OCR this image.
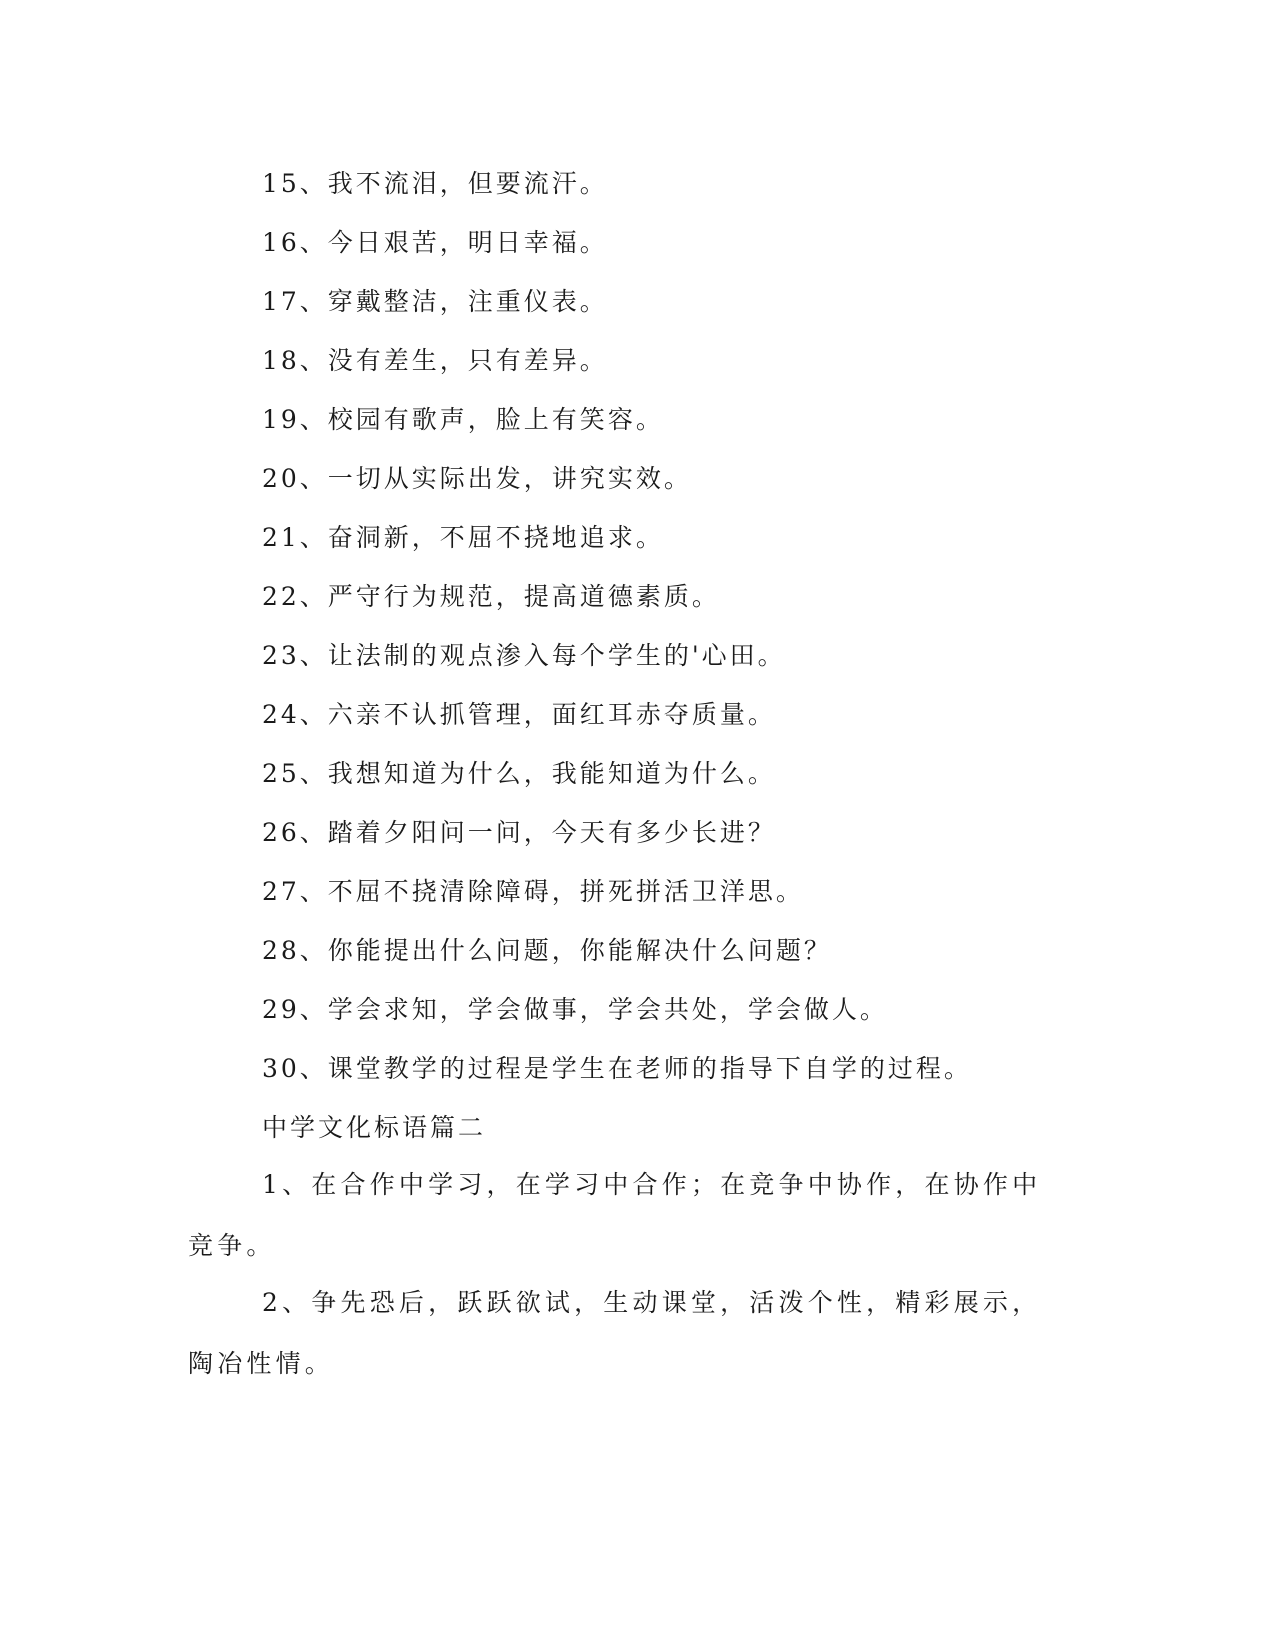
15、我不流泪，但要流汗。
16、今日艰苦，明日幸福。
17、穿戴整洁，注重仪表。
18、没有差生，只有差异。
19、校园有歌声，脸上有笑容。
20、一切从实际出发，讲究实效。
21、奋洞新，不屈不挠地追求。
22、严守行为规范，提高道德素质。
23、让法制的观点渗入每个学生的'心田。
24、六亲不认抓管理，面红耳赤夺质量。
25、我想知道为什么，我能知道为什么。
26、踏着夕阳问一问，今天有多少长进？
27、不屈不挠清除障碍，拼死拼活卫洋思。
28、你能提出什么问题，你能解决什么问题？
29、学会求知，学会做事，学会共处，学会做人。
30、课堂教学的过程是学生在老师的指导下自学的过程。
中学文化标语篇二

1、在合作中学习，在学习中合作；在竞争中协作，在协作中竞争。

2、争先恐后，跃跃欲试，生动课堂，活泼个性，精彩展示，陶冶性情。
